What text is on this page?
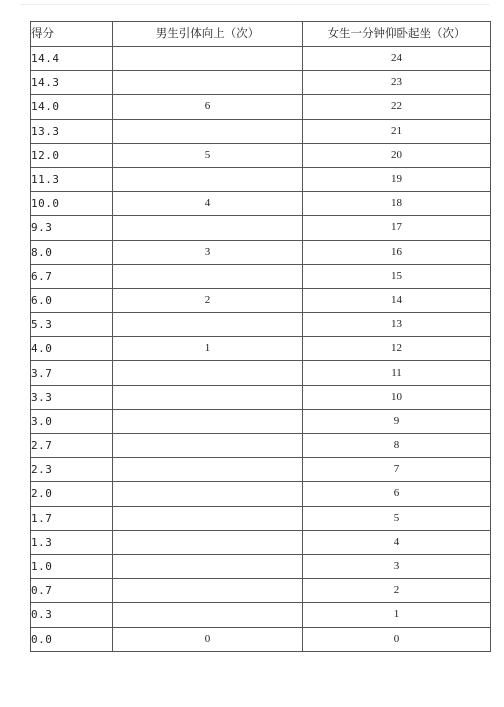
得分	男生引体向上（次）	女生一分钟仰卧起坐（次）
14.4		24
14.3		23
14.0	6	22
13.3		21
12.0	5	20
11.3		19
10.0	4	18
9.3		17
8.0	3	16
6.7		15
6.0	2	14
5.3		13
4.0	1	12
3.7		11
3.3		10
3.0		9
2.7		8
2.3		7
2.0		6
1.7		5
1.3		4
1.0		3
0.7		2
0.3		1
0.0	0	0
